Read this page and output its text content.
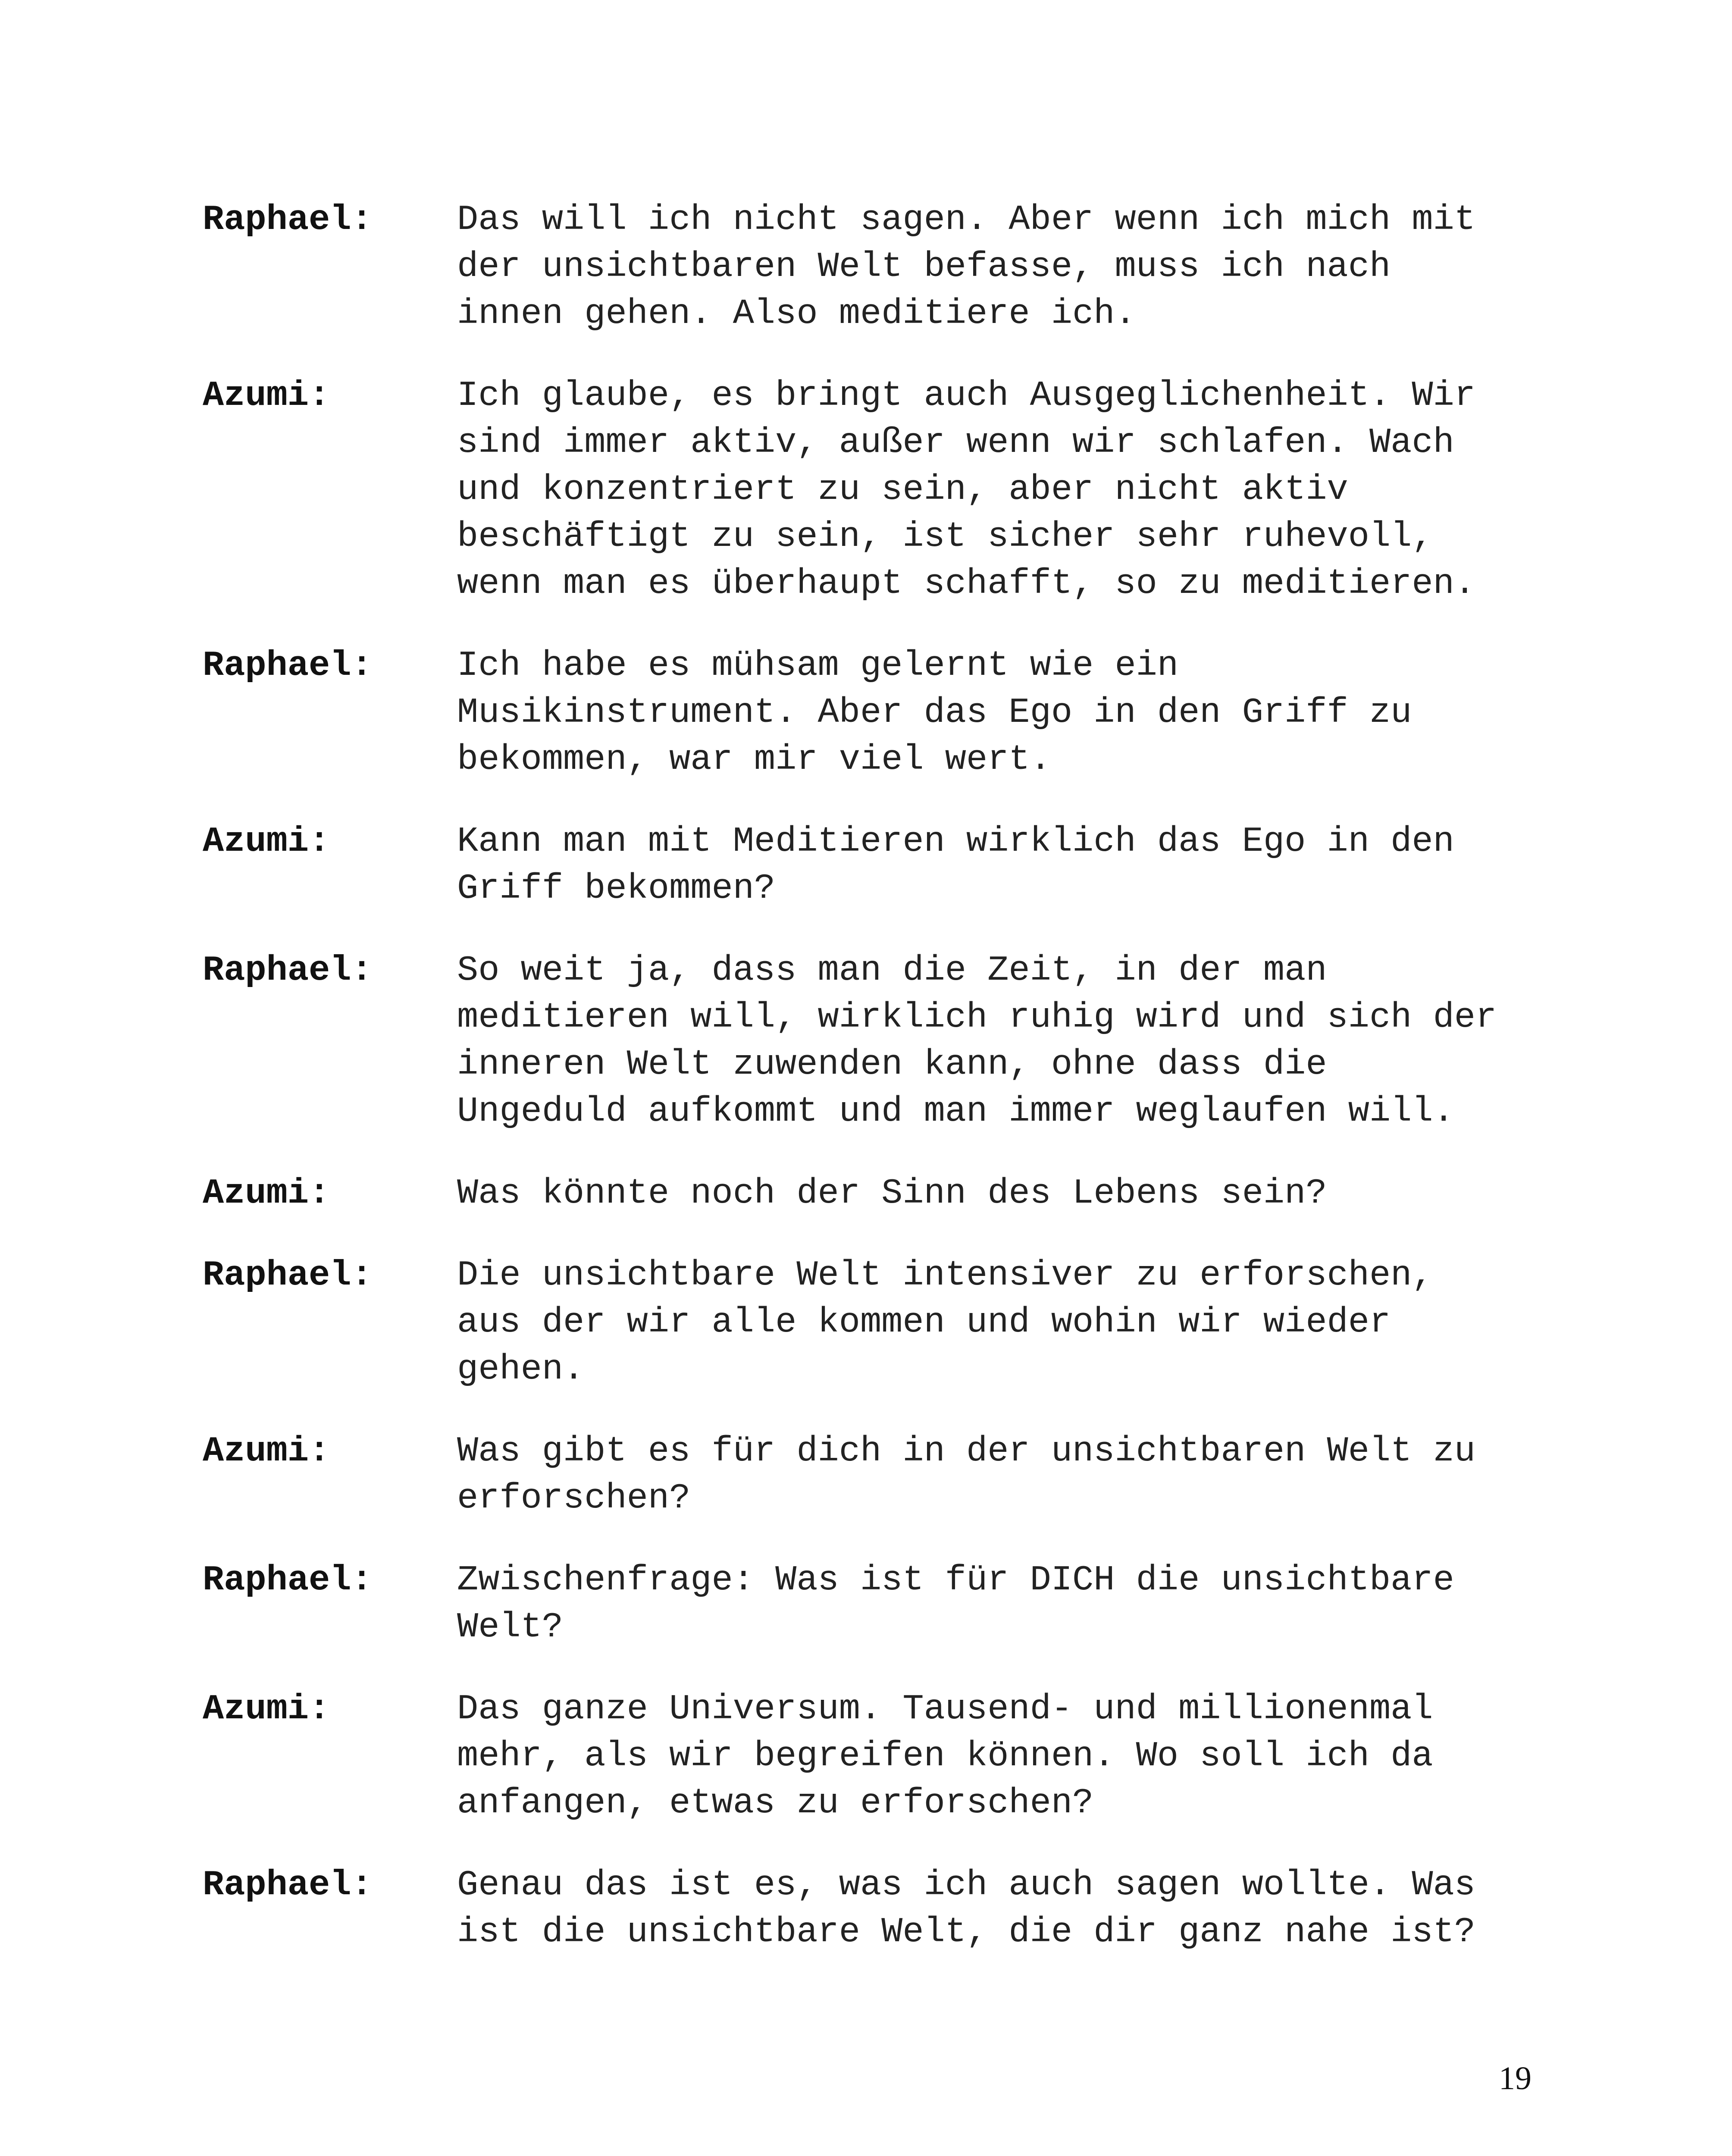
Raphael:	Das will ich nicht sagen. Aber wenn ich mich mit
der unsichtbaren Welt befasse, muss ich nach
innen gehen. Also meditiere ich.
Azumi:	Ich glaube, es bringt auch Ausgeglichenheit. Wir
sind immer aktiv, außer wenn wir schlafen. Wach
und konzentriert zu sein, aber nicht aktiv
beschäftigt zu sein, ist sicher sehr ruhevoll,
wenn man es überhaupt schafft, so zu meditieren.
Raphael:	Ich habe es mühsam gelernt wie ein
Musikinstrument. Aber das Ego in den Griff zu
bekommen, war mir viel wert.
Azumi:	Kann man mit Meditieren wirklich das Ego in den
Griff bekommen?
Raphael:	So weit ja, dass man die Zeit, in der man
meditieren will, wirklich ruhig wird und sich der
inneren Welt zuwenden kann, ohne dass die
Ungeduld aufkommt und man immer weglaufen will.
Azumi:	Was könnte noch der Sinn des Lebens sein?
Raphael:	Die unsichtbare Welt intensiver zu erforschen,
aus der wir alle kommen und wohin wir wieder
gehen.
Azumi:	Was gibt es für dich in der unsichtbaren Welt zu
erforschen?
Raphael:	Zwischenfrage: Was ist für DICH die unsichtbare
Welt?
Azumi:	Das ganze Universum. Tausend- und millionenmal
mehr, als wir begreifen können. Wo soll ich da
anfangen, etwas zu erforschen?
Raphael:	Genau das ist es, was ich auch sagen wollte. Was
ist die unsichtbare Welt, die dir ganz nahe ist?
19
